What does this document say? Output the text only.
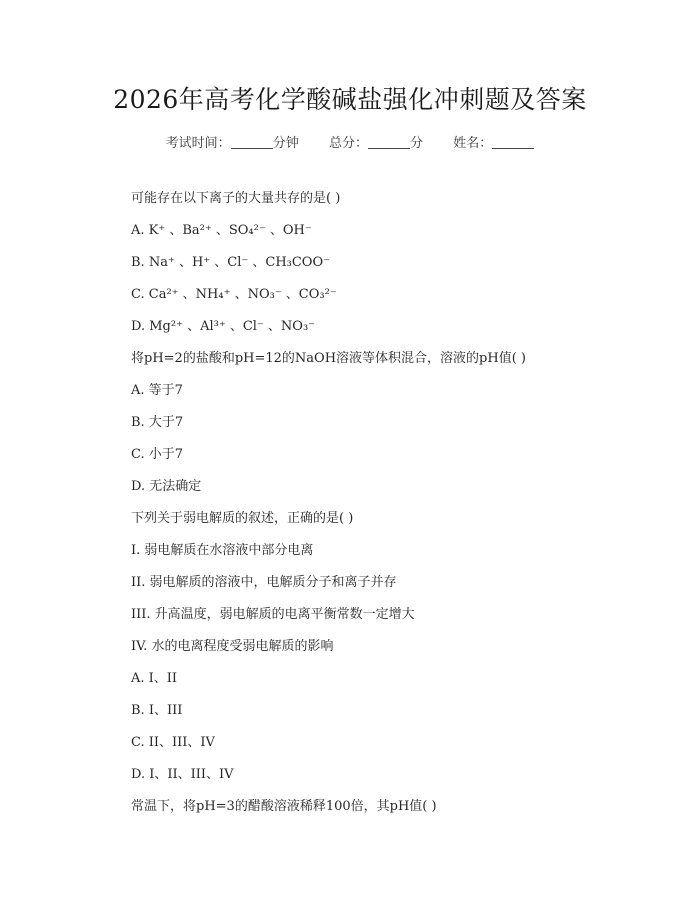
2026年高考化学酸碱盐强化冲刺题及答案
考试时间：	分钟 总分：	分 姓名：
可能存在以下离子的大量共存的是( )
A. K⁺ 、Ba²⁺ 、SO₄²⁻ 、OH⁻
B. Na⁺ 、H⁺ 、Cl⁻ 、CH₃COO⁻
C. Ca²⁺ 、NH₄⁺ 、NO₃⁻ 、CO₃²⁻
D. Mg²⁺ 、Al³⁺ 、Cl⁻ 、NO₃⁻
将pH=2的盐酸和pH=12的NaOH溶液等体积混合，溶液的pH值( )
A. 等于7
B. 大于7
C. 小于7
D. 无法确定
下列关于弱电解质的叙述，正确的是( )
I. 弱电解质在水溶液中部分电离
II. 弱电解质的溶液中，电解质分子和离子并存
III. 升高温度，弱电解质的电离平衡常数一定增大
IV. 水的电离程度受弱电解质的影响
A. I、II
B. I、III
C. II、III、IV
D. I、II、III、IV
常温下，将pH=3的醋酸溶液稀释100倍，其pH值( )
